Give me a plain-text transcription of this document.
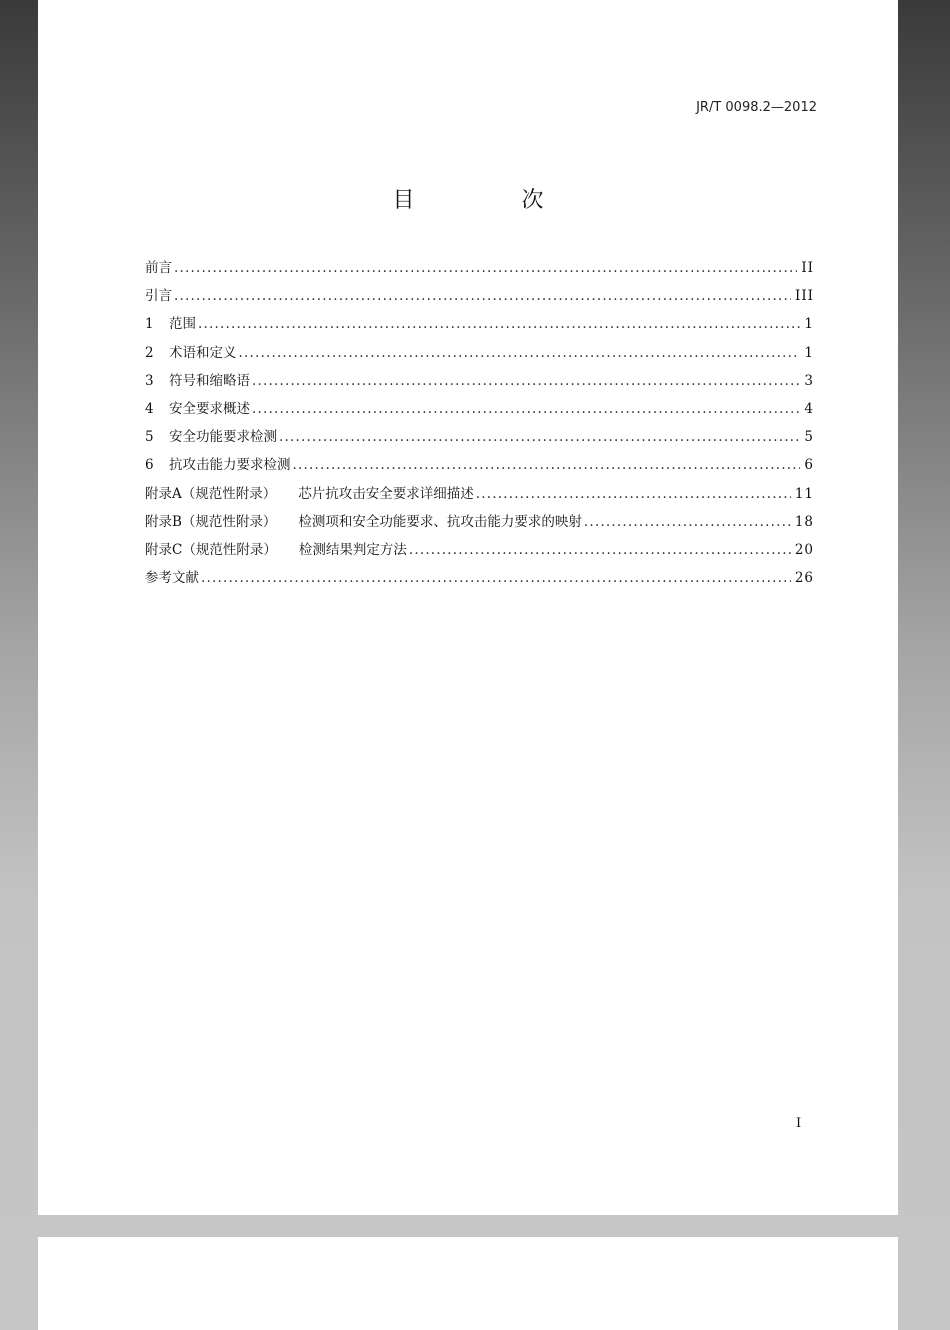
JR/T 0098.2—2012
目 次
前言 .....	II
引言 .....	III
1	范围 .....	1
2	术语和定义 .....	1
3	符号和缩略语 .....	3
4	安全要求概述 .....	4
5	安全功能要求检测 .....	5
6	抗攻击能力要求检测 .....	6
附录A（规范性附录） 芯片抗攻击安全要求详细描述 .....	11
附录B（规范性附录） 检测项和安全功能要求、抗攻击能力要求的映射 .....	18
附录C（规范性附录） 检测结果判定方法 .....	20
参考文献 .....	26
I
